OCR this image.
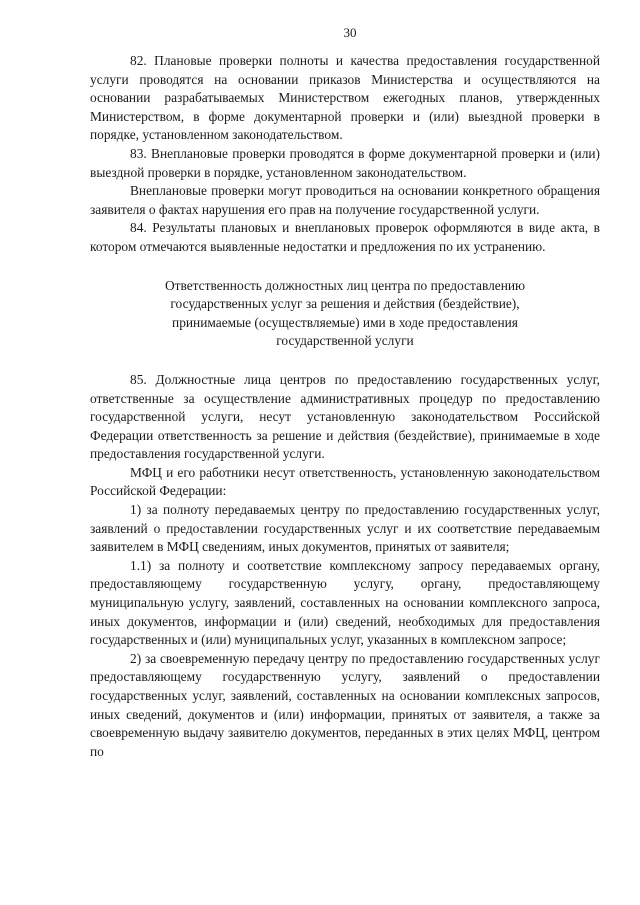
30

82. Плановые проверки полноты и качества предоставления государственной услуги проводятся на основании приказов Министерства и осуществляются на основании разрабатываемых Министерством ежегодных планов, утвержденных Министерством, в форме документарной проверки и (или) выездной проверки в порядке, установленном законодательством.

83. Внеплановые проверки проводятся в форме документарной проверки и (или) выездной проверки в порядке, установленном законодательством.

Внеплановые проверки могут проводиться на основании конкретного обращения заявителя о фактах нарушения его прав на получение государственной услуги.

84. Результаты плановых и внеплановых проверок оформляются в виде акта, в котором отмечаются выявленные недостатки и предложения по их устранению.

Ответственность должностных лиц центра по предоставлению
государственных услуг за решения и действия (бездействие),
принимаемые (осуществляемые) ими в ходе предоставления
государственной услуги

85. Должностные лица центров по предоставлению государственных услуг, ответственные за осуществление административных процедур по предоставлению государственной услуги, несут установленную законодательством Российской Федерации ответственность за решение и действия (бездействие), принимаемые в ходе предоставления государственной услуги.

МФЦ и его работники несут ответственность, установленную законодательством Российской Федерации:

1) за полноту передаваемых центру по предоставлению государственных услуг, заявлений о предоставлении государственных услуг и их соответствие передаваемым заявителем в МФЦ сведениям, иных документов, принятых от заявителя;

1.1) за полноту и соответствие комплексному запросу передаваемых органу, предоставляющему государственную услугу, органу, предоставляющему муниципальную услугу, заявлений, составленных на основании комплексного запроса, иных документов, информации и (или) сведений, необходимых для предоставления государственных и (или) муниципальных услуг, указанных в комплексном запросе;

2) за своевременную передачу центру по предоставлению государственных услуг предоставляющему государственную услугу, заявлений о предоставлении государственных услуг, заявлений, составленных на основании комплексных запросов, иных сведений, документов и (или) информации, принятых от заявителя, а также за своевременную выдачу заявителю документов, переданных в этих целях МФЦ, центром по
